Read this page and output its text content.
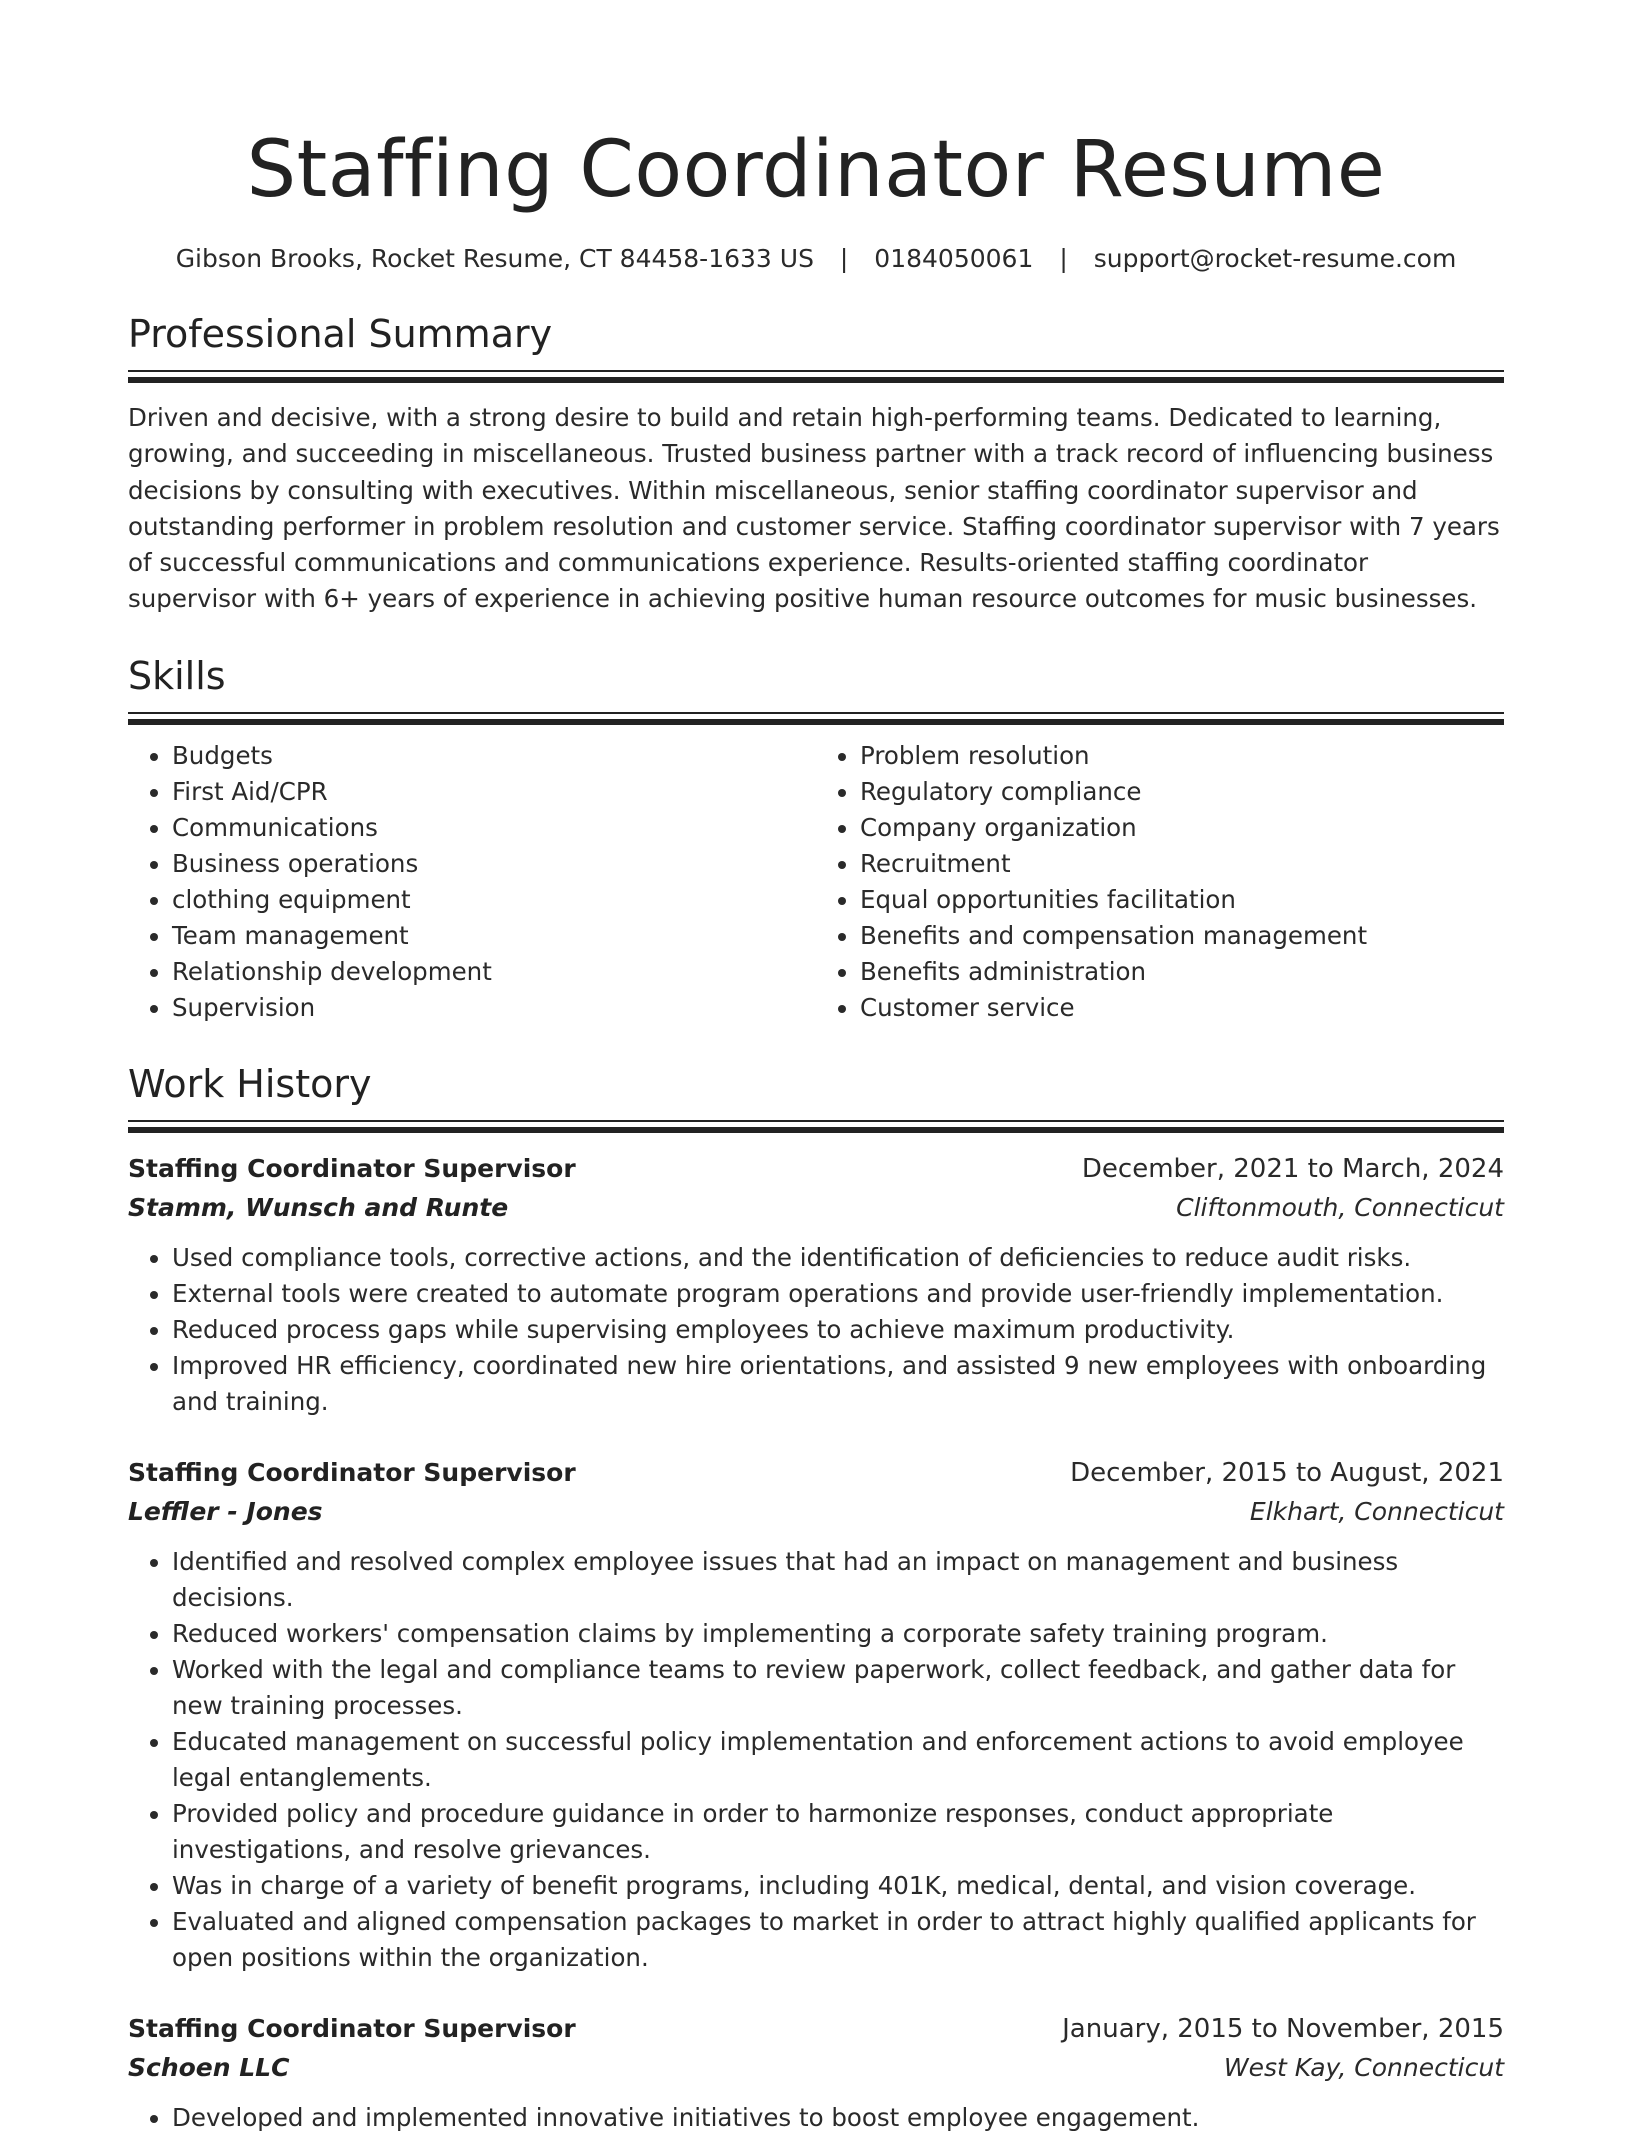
Staffing Coordinator Resume
Gibson Brooks, Rocket Resume, CT 84458-1633 US | 0184050061 | support@rocket-resume.com
Professional Summary

Driven and decisive, with a strong desire to build and retain high-performing teams. Dedicated to learning, growing, and succeeding in miscellaneous. Trusted business partner with a track record of influencing business decisions by consulting with executives. Within miscellaneous, senior staffing coordinator supervisor and outstanding performer in problem resolution and customer service. Staffing coordinator supervisor with 7 years of successful communications and communications experience. Results-oriented staffing coordinator supervisor with 6+ years of experience in achieving positive human resource outcomes for music businesses.

Skills
• Budgets
• First Aid/CPR
• Communications
• Business operations
• clothing equipment
• Team management
• Relationship development
• Supervision
• Problem resolution
• Regulatory compliance
• Company organization
• Recruitment
• Equal opportunities facilitation
• Benefits and compensation management
• Benefits administration
• Customer service
Work History
Staffing Coordinator Supervisor	December, 2021 to March, 2024
Stamm, Wunsch and Runte	Cliftonmouth, Connecticut
• Used compliance tools, corrective actions, and the identification of deficiencies to reduce audit risks.
• External tools were created to automate program operations and provide user-friendly implementation.
• Reduced process gaps while supervising employees to achieve maximum productivity.
• Improved HR efficiency, coordinated new hire orientations, and assisted 9 new employees with onboarding and training.
Staffing Coordinator Supervisor	December, 2015 to August, 2021
Leffler - Jones	Elkhart, Connecticut
• Identified and resolved complex employee issues that had an impact on management and business decisions.
• Reduced workers' compensation claims by implementing a corporate safety training program.
• Worked with the legal and compliance teams to review paperwork, collect feedback, and gather data for new training processes.
• Educated management on successful policy implementation and enforcement actions to avoid employee legal entanglements.
• Provided policy and procedure guidance in order to harmonize responses, conduct appropriate investigations, and resolve grievances.
• Was in charge of a variety of benefit programs, including 401K, medical, dental, and vision coverage.
• Evaluated and aligned compensation packages to market in order to attract highly qualified applicants for open positions within the organization.
Staffing Coordinator Supervisor	January, 2015 to November, 2015
Schoen LLC	West Kay, Connecticut
• Developed and implemented innovative initiatives to boost employee engagement.
